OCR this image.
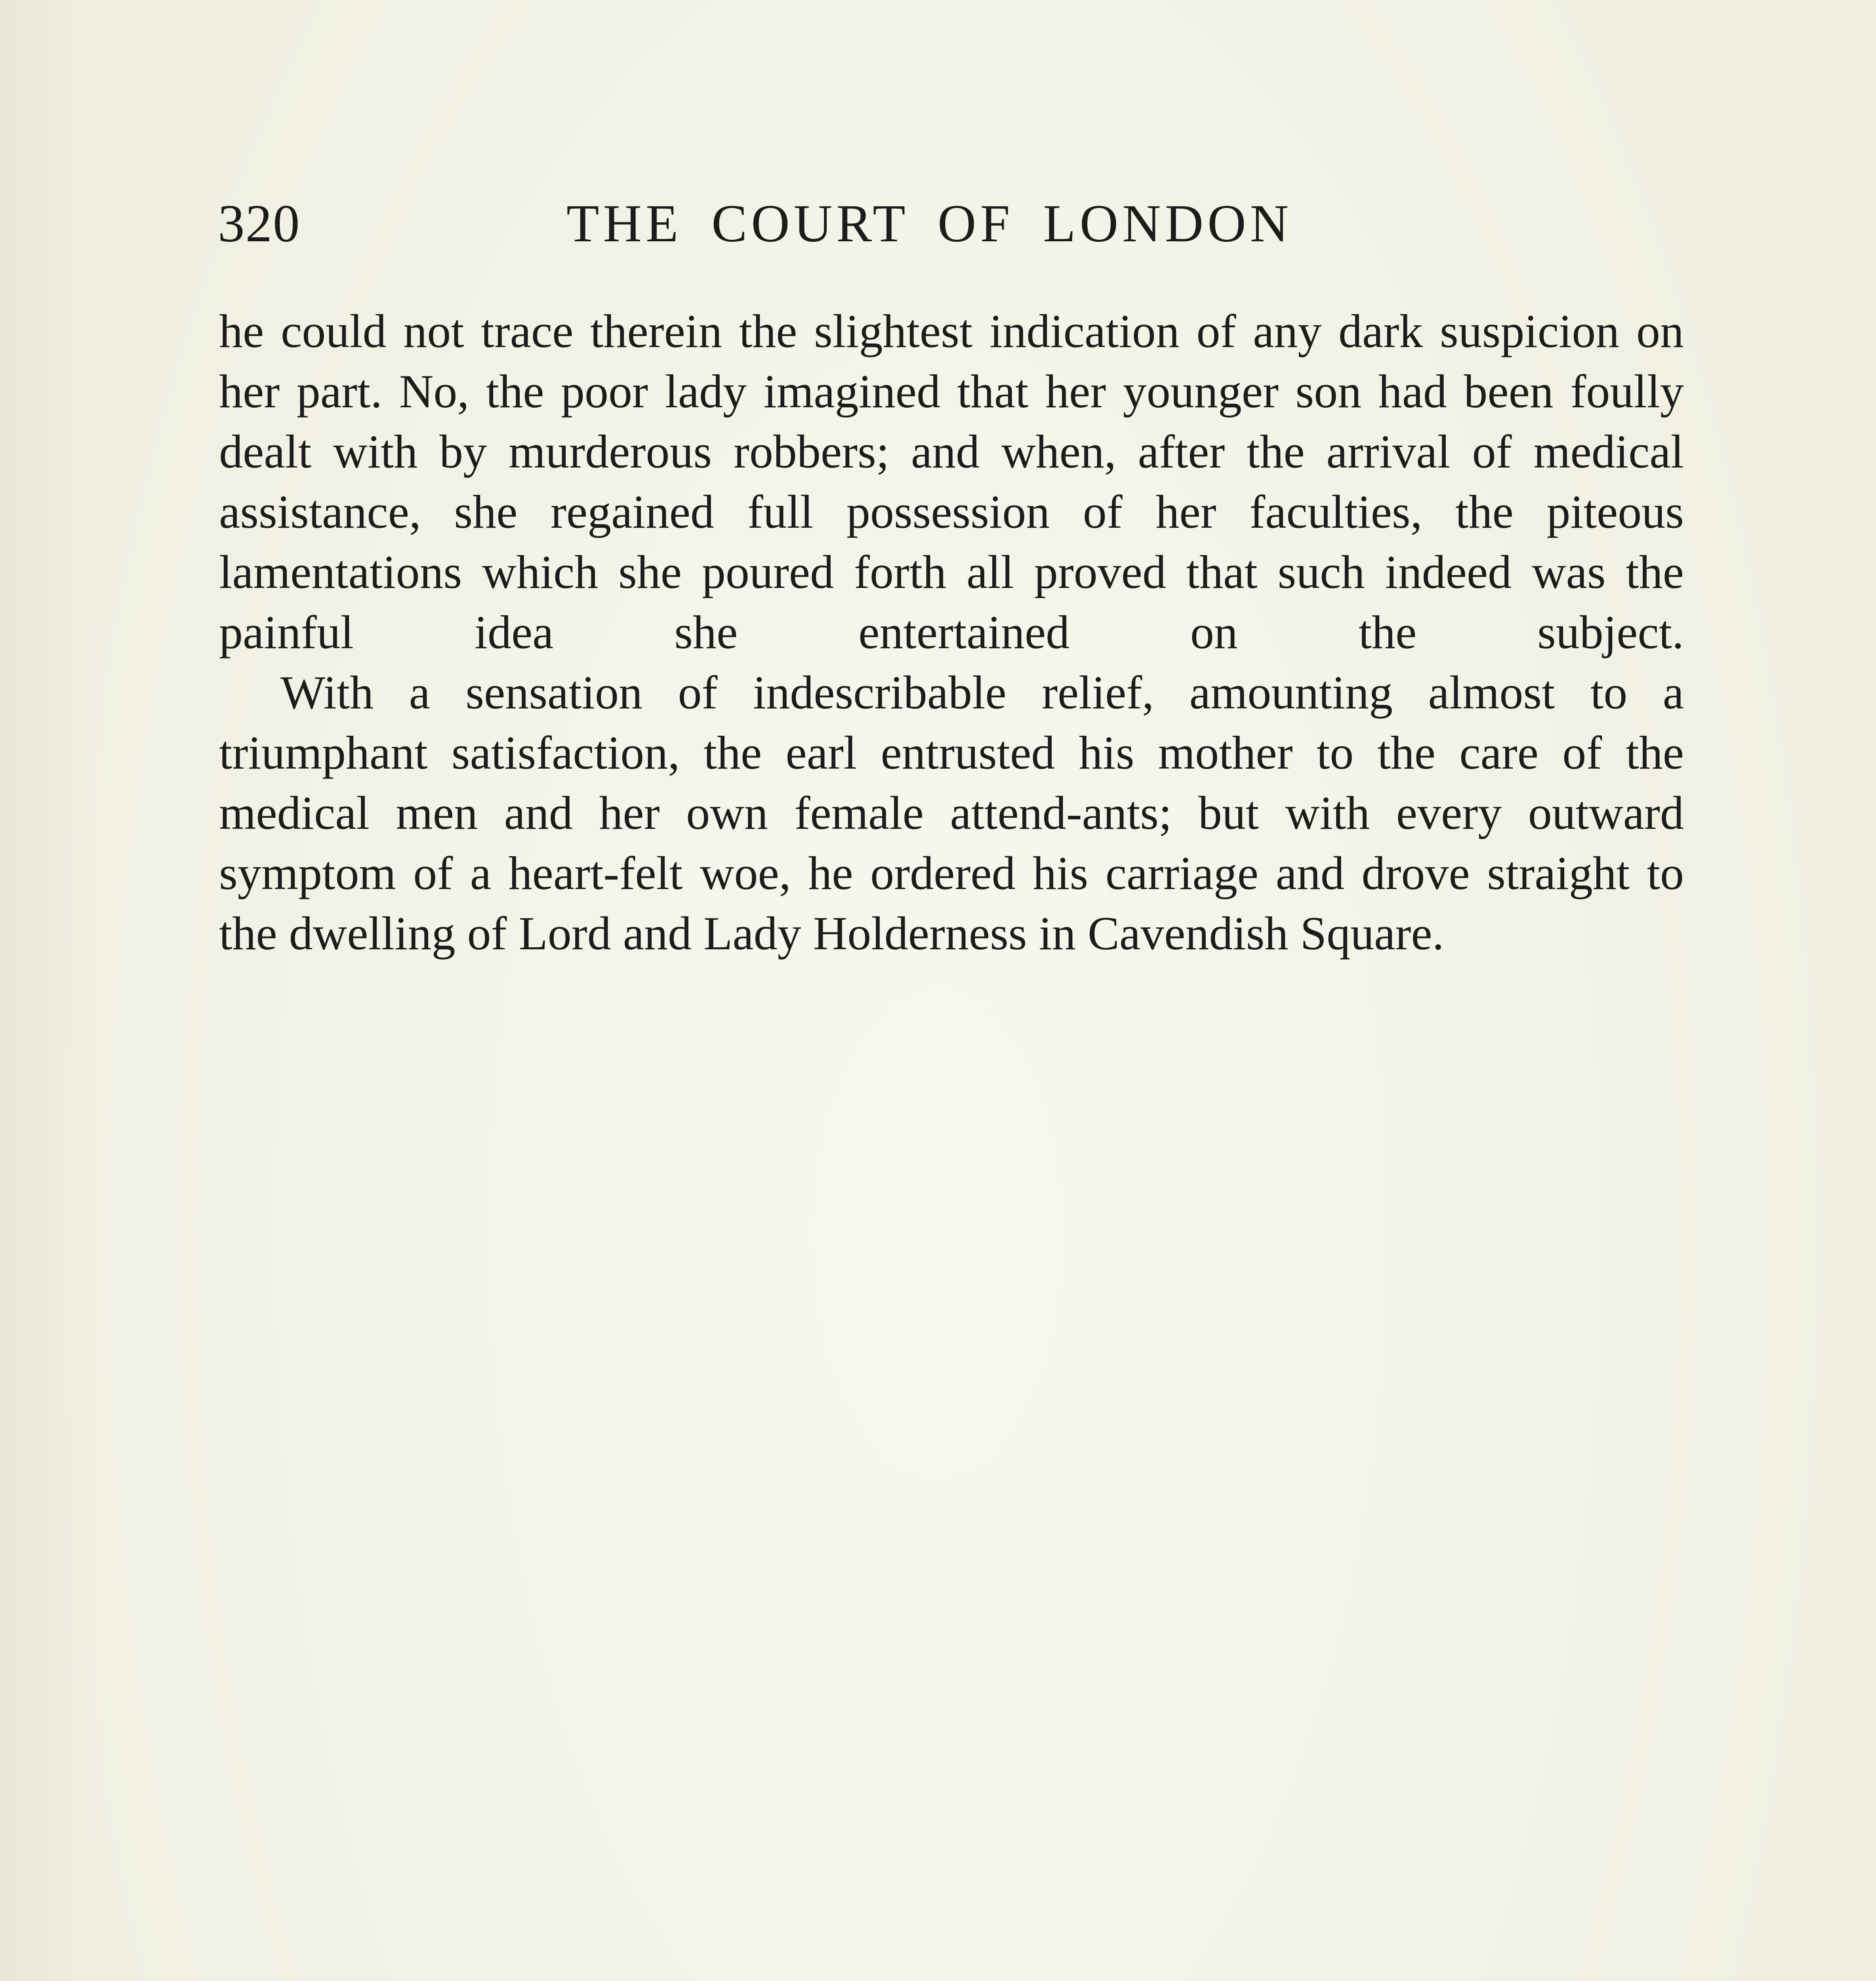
320	THE COURT OF LONDON

he could not trace therein the slightest indication of any dark suspicion on her part. No, the poor lady imagined that her younger son had been foully dealt with by murderous robbers; and when, after the arrival of medical assistance, she regained full possession of her faculties, the piteous lamentations which she poured forth all proved that such indeed was the painful idea she entertained on the subject.

With a sensation of indescribable relief, amounting almost to a triumphant satisfaction, the earl entrusted his mother to the care of the medical men and her own female attend-ants; but with every outward symptom of a heart-felt woe, he ordered his carriage and drove straight to the dwelling of Lord and Lady Holderness in Cavendish Square.
